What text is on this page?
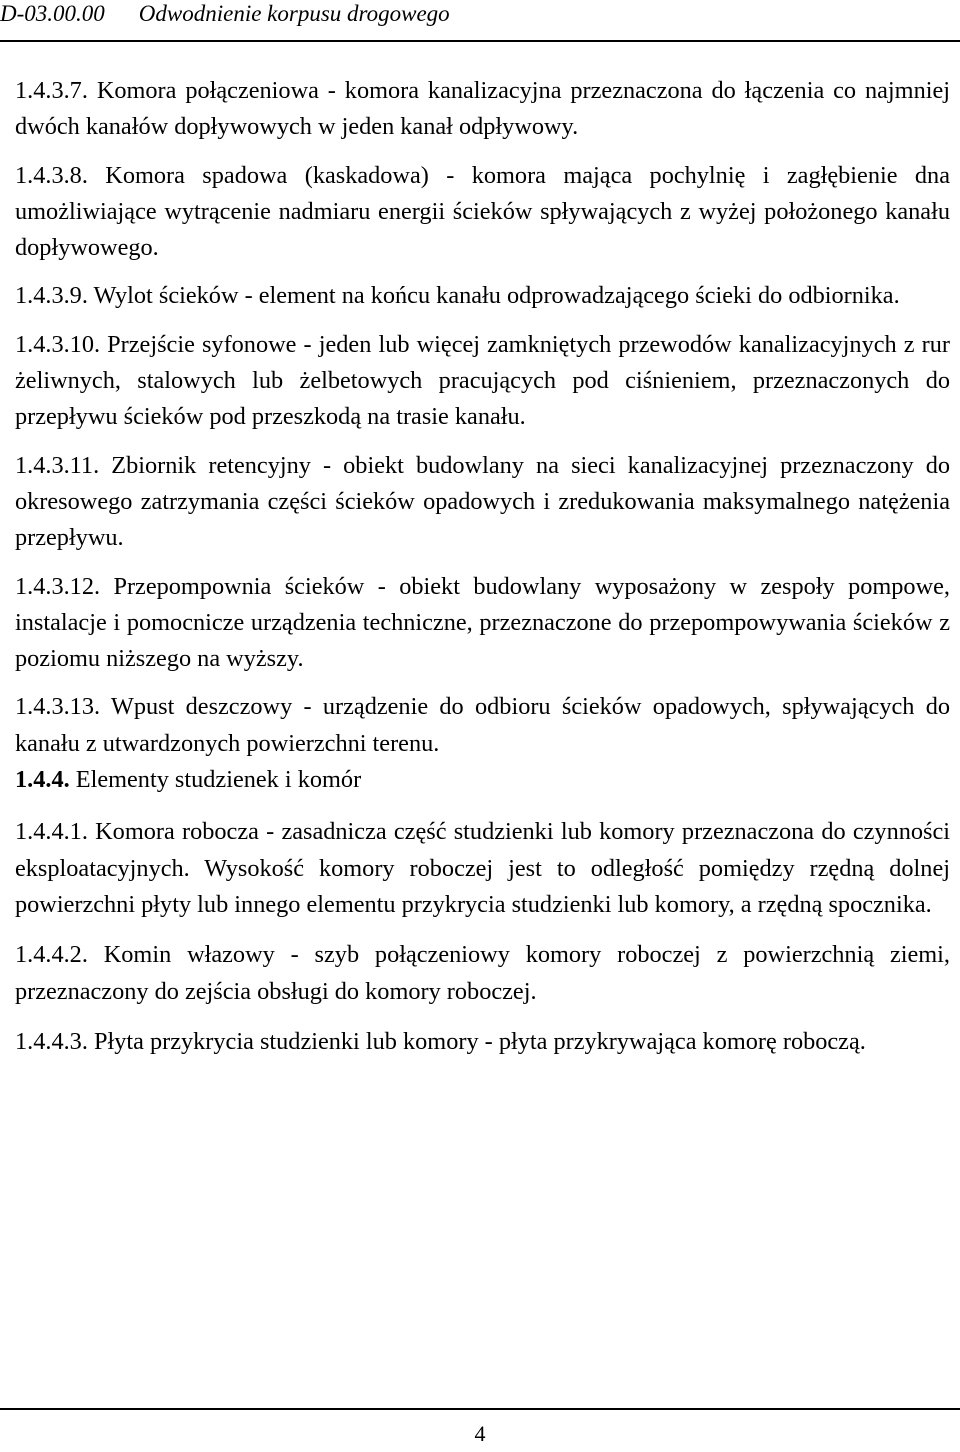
D-03.00.00 Odwodnienie korpusu drogowego

1.4.3.7. Komora połączeniowa - komora kanalizacyjna przeznaczona do łączenia co najmniej dwóch kanałów dopływowych w jeden kanał odpływowy.

1.4.3.8. Komora spadowa (kaskadowa) - komora mająca pochylnię i zagłębienie dna umożliwiające wytrącenie nadmiaru energii ścieków spływających z wyżej położonego kanału dopływowego.

1.4.3.9. Wylot ścieków - element na końcu kanału odprowadzającego ścieki do odbiornika.

1.4.3.10. Przejście syfonowe - jeden lub więcej zamkniętych przewodów kanalizacyjnych z rur żeliwnych, stalowych lub żelbetowych pracujących pod ciśnieniem, przeznaczonych do przepływu ścieków pod przeszkodą na trasie kanału.

1.4.3.11. Zbiornik retencyjny - obiekt budowlany na sieci kanalizacyjnej przeznaczony do okresowego zatrzymania części ścieków opadowych i zredukowania maksymalnego natężenia przepływu.

1.4.3.12. Przepompownia ścieków - obiekt budowlany wyposażony w zespoły pompowe, instalacje i pomocnicze urządzenia techniczne, przeznaczone do przepompowywania ścieków z poziomu niższego na wyższy.

1.4.3.13. Wpust deszczowy - urządzenie do odbioru ścieków opadowych, spływających do kanału z utwardzonych powierzchni terenu.

1.4.4. Elementy studzienek i komór

1.4.4.1. Komora robocza - zasadnicza część studzienki lub komory przeznaczona do czynności eksploatacyjnych. Wysokość komory roboczej jest to odległość pomiędzy rzędną dolnej powierzchni płyty lub innego elementu przykrycia studzienki lub komory, a rzędną spocznika.

1.4.4.2. Komin włazowy - szyb połączeniowy komory roboczej z powierzchnią ziemi, przeznaczony do zejścia obsługi do komory roboczej.

1.4.4.3. Płyta przykrycia studzienki lub komory - płyta przykrywająca komorę roboczą.

4
